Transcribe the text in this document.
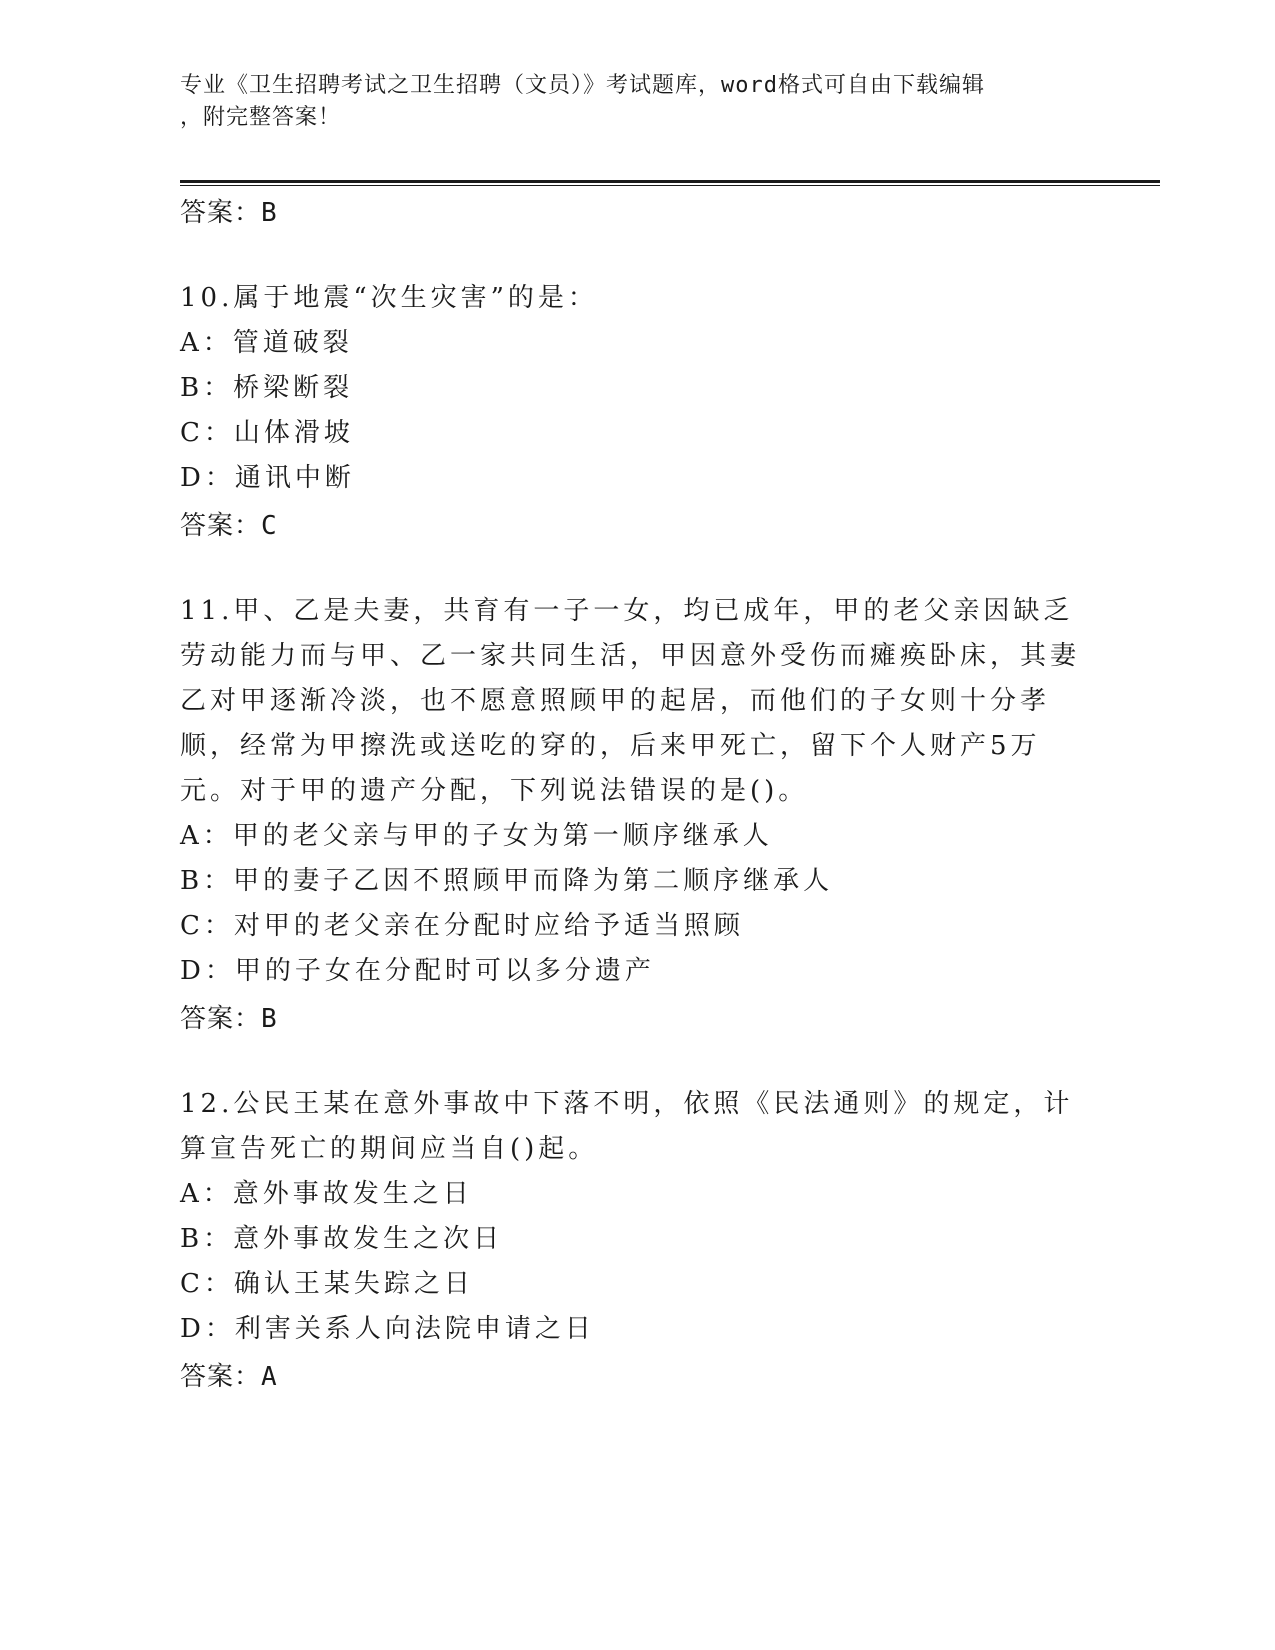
专业《卫生招聘考试之卫生招聘（文员）》考试题库，word格式可自由下载编辑
，附完整答案！

答案：B

10.属于地震“次生灾害”的是：

A：管道破裂

B：桥梁断裂

C：山体滑坡

D：通讯中断

答案：C

11.甲、乙是夫妻，共育有一子一女，均已成年，甲的老父亲因缺乏劳动能力而与甲、乙一家共同生活，甲因意外受伤而瘫痪卧床，其妻乙对甲逐渐冷淡，也不愿意照顾甲的起居，而他们的子女则十分孝顺，经常为甲擦洗或送吃的穿的，后来甲死亡，留下个人财产5万元。对于甲的遗产分配，下列说法错误的是()。

A：甲的老父亲与甲的子女为第一顺序继承人

B：甲的妻子乙因不照顾甲而降为第二顺序继承人

C：对甲的老父亲在分配时应给予适当照顾

D：甲的子女在分配时可以多分遗产

答案：B

12.公民王某在意外事故中下落不明，依照《民法通则》的规定，计算宣告死亡的期间应当自()起。

A：意外事故发生之日

B：意外事故发生之次日

C：确认王某失踪之日

D：利害关系人向法院申请之日

答案：A
